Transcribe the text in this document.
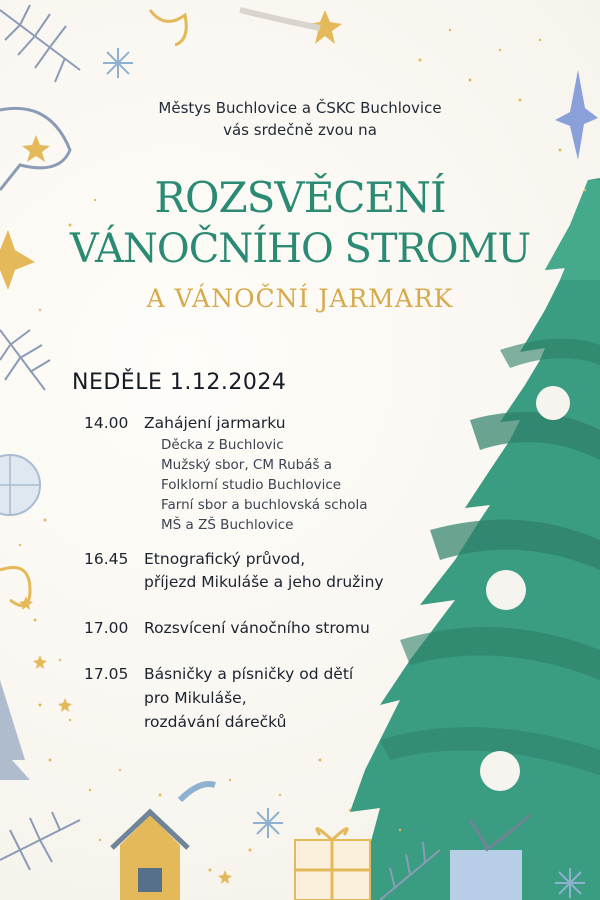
Městys Buchlovice a ČSKC Buchlovice
vás srdečně zvou na
ROZSVĚCENÍ
VÁNOČNÍHO STROMU
A VÁNOČNÍ JARMARK
NEDĚLE 1.12.2024
14.00 Zahájení jarmarku
Děcka z Buchlovic
Mužský sbor, CM Rubáš a
Folklorní studio Buchlovice
Farní sbor a buchlovská schola
MŠ a ZŠ Buchlovice
16.45 Etnografický průvod,
příjezd Mikuláše a jeho družiny
17.00 Rozsvícení vánočního stromu
17.05 Básničky a písničky od dětí
pro Mikuláše,
rozdávání dárečků
